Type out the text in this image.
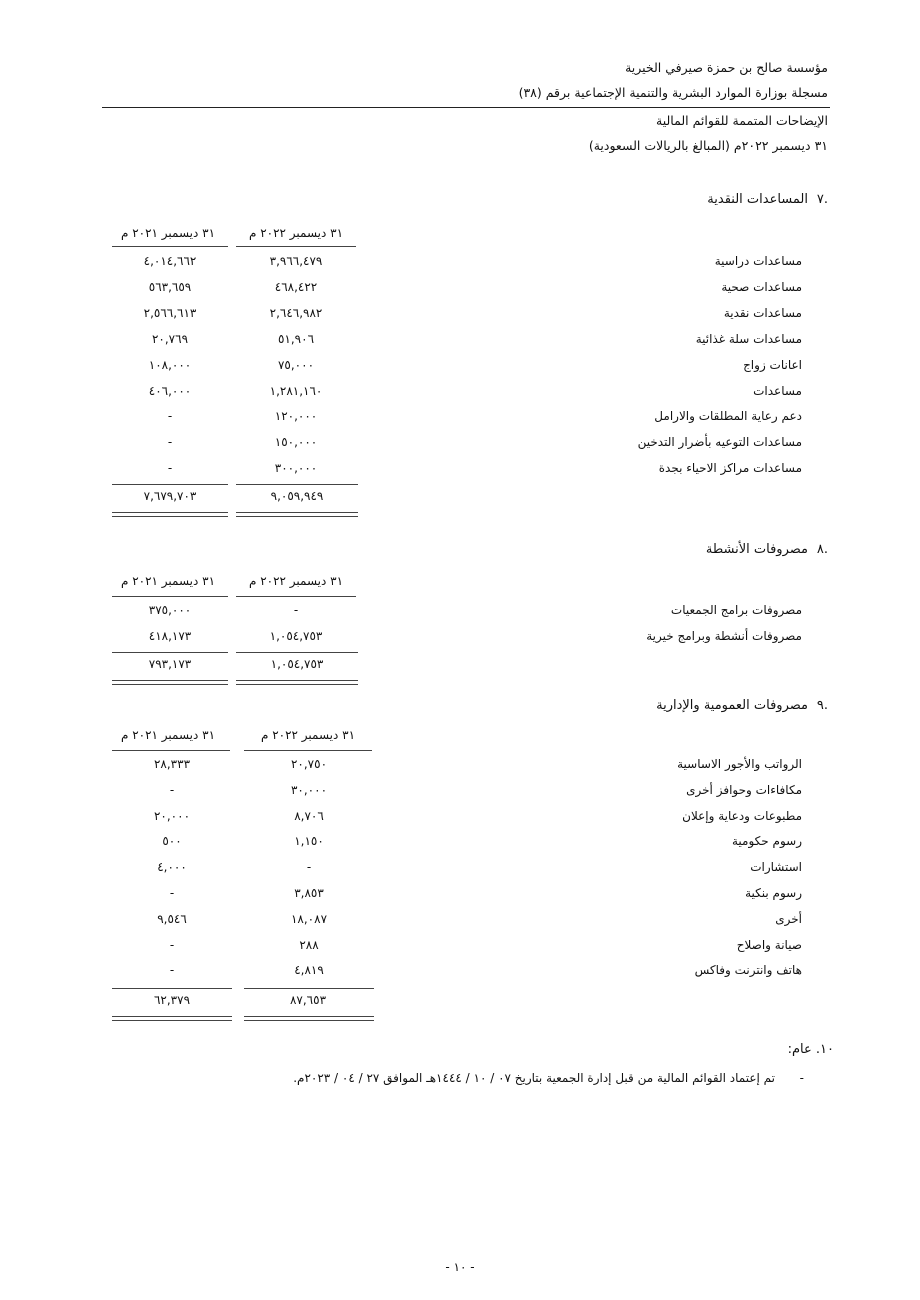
مؤسسة صالح بن حمزة صيرفي الخيرية
مسجلة بوزارة الموارد البشرية والتنمية الإجتماعية برقم (٣٨)
الإيضاحات المتممة للقوائم المالية
٣١ ديسمبر ٢٠٢٢م (المبالغ بالريالات السعودية)
٧.
المساعدات النقدية
٣١ ديسمبر ٢٠٢٢ م
٣١ ديسمبر ٢٠٢١ م
مساعدات دراسية
٣,٩٦٦,٤٧٩
٤,٠١٤,٦٦٢
مساعدات صحية
٤٦٨,٤٢٢
٥٦٣,٦٥٩
مساعدات نقدية
٢,٦٤٦,٩٨٢
٢,٥٦٦,٦١٣
مساعدات سلة غذائية
٥١,٩٠٦
٢٠,٧٦٩
اعانات زواج
٧٥,٠٠٠
١٠٨,٠٠٠
مساعدات
١,٢٨١,١٦٠
٤٠٦,٠٠٠
دعم رعاية المطلقات والارامل
١٢٠,٠٠٠
-
مساعدات التوعيه بأضرار التدخين
١٥٠,٠٠٠
-
مساعدات مراكز الاحياء بجدة
٣٠٠,٠٠٠
-
٩,٠٥٩,٩٤٩
٧,٦٧٩,٧٠٣
٨.
مصروفات الأنشطة
٣١ ديسمبر ٢٠٢٢ م
٣١ ديسمبر ٢٠٢١ م
مصروفات برامج الجمعيات
-
٣٧٥,٠٠٠
مصروفات أنشطة وبرامج خيرية
١,٠٥٤,٧٥٣
٤١٨,١٧٣
١,٠٥٤,٧٥٣
٧٩٣,١٧٣
٩.
مصروفات العمومية والإدارية
٣١ ديسمبر ٢٠٢٢ م
٣١ ديسمبر ٢٠٢١ م
الرواتب والأجور الاساسية
٢٠,٧٥٠
٢٨,٣٣٣
مكافاءات وحوافز أخرى
٣٠,٠٠٠
-
مطبوعات ودعاية وإعلان
٨,٧٠٦
٢٠,٠٠٠
رسوم حكومية
١,١٥٠
٥٠٠
استشارات
-
٤,٠٠٠
رسوم بنكية
٣,٨٥٣
-
أخرى
١٨,٠٨٧
٩,٥٤٦
صيانة واصلاح
٢٨٨
-
هاتف وانترنت وفاكس
٤,٨١٩
-
٨٧,٦٥٣
٦٢,٣٧٩
١٠. عام:
-
تم إعتماد القوائم المالية من قبل إدارة الجمعية بتاريخ ٠٧ / ١٠ / ١٤٤٤هـ الموافق ٢٧ / ٠٤ / ٢٠٢٣م.
- ١٠ -
